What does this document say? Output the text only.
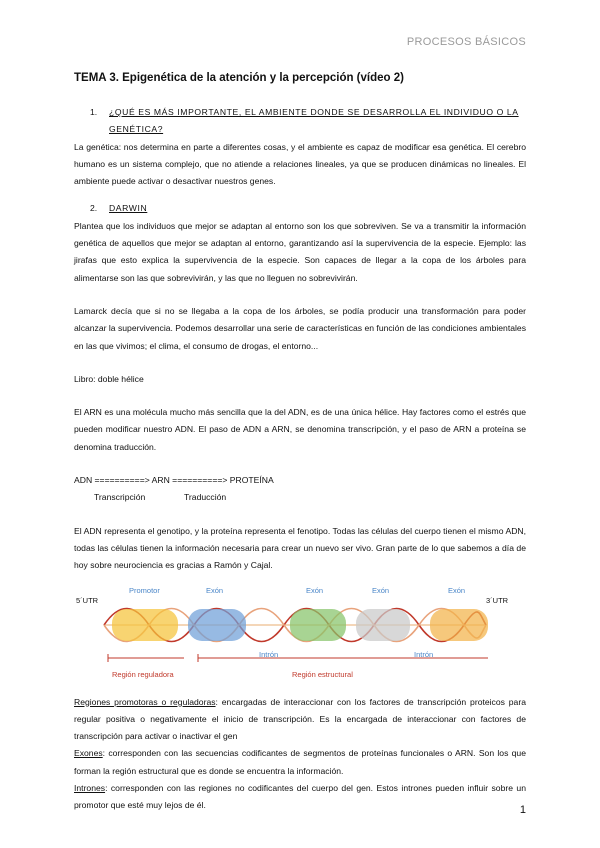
PROCESOS BÁSICOS
TEMA 3. Epigenética de la atención y la percepción (vídeo 2)
1.	¿QUÉ ES MÁS IMPORTANTE, EL AMBIENTE DONDE SE DESARROLLA EL INDIVIDUO O LA GENÉTICA?
La genética: nos determina en parte a diferentes cosas, y el ambiente es capaz de modificar esa genética. El cerebro humano es un sistema complejo, que no atiende a relaciones lineales, ya que se producen dinámicas no lineales. El ambiente puede activar o desactivar nuestros genes.
2.	DARWIN
Plantea que los individuos que mejor se adaptan al entorno son los que sobreviven. Se va a transmitir la información genética de aquellos que mejor se adaptan al entorno, garantizando así la supervivencia de la especie. Ejemplo: las jirafas que esto explica la supervivencia de la especie. Son capaces de llegar a la copa de los árboles para alimentarse son las que sobrevivirán, y las que no lleguen no sobrevivirán.
Lamarck decía que si no se llegaba a la copa de los árboles, se podía producir una transformación para poder alcanzar la supervivencia. Podemos desarrollar una serie de características en función de las condiciones ambientales en las que vivimos; el clima, el consumo de drogas, el entorno...
Libro: doble hélice
El ARN es una molécula mucho más sencilla que la del ADN, es de una única hélice. Hay factores como el estrés que pueden modificar nuestro ADN. El paso de ADN a ARN, se denomina transcripción, y el paso de ARN a proteína se denomina traducción.
ADN ==========> ARN ==========> PROTEÍNA
Transcripción	Traducción
El ADN representa el genotipo, y la proteína representa el fenotipo. Todas las células del cuerpo tienen el mismo ADN, todas las células tienen la información necesaria para crear un nuevo ser vivo. Gran parte de lo que sabemos a día de hoy sobre neurociencia es gracias a Ramón y Cajal.
5´UTR	3´UTR
Promotor	Exón	Exón	Exón	Exón
Intrón	Intrón
Región reguladora	Región estructural
Regiones promotoras o reguladoras: encargadas de interaccionar con los factores de transcripción proteicos para regular positiva o negativamente el inicio de transcripción. Es la encargada de interaccionar con factores de transcripción para activar o inactivar el gen
Exones: corresponden con las secuencias codificantes de segmentos de proteínas funcionales o ARN. Son los que forman la región estructural que es donde se encuentra la información.
Intrones: corresponden con las regiones no codificantes del cuerpo del gen. Estos intrones pueden influir sobre un promotor que esté muy lejos de él.	1
